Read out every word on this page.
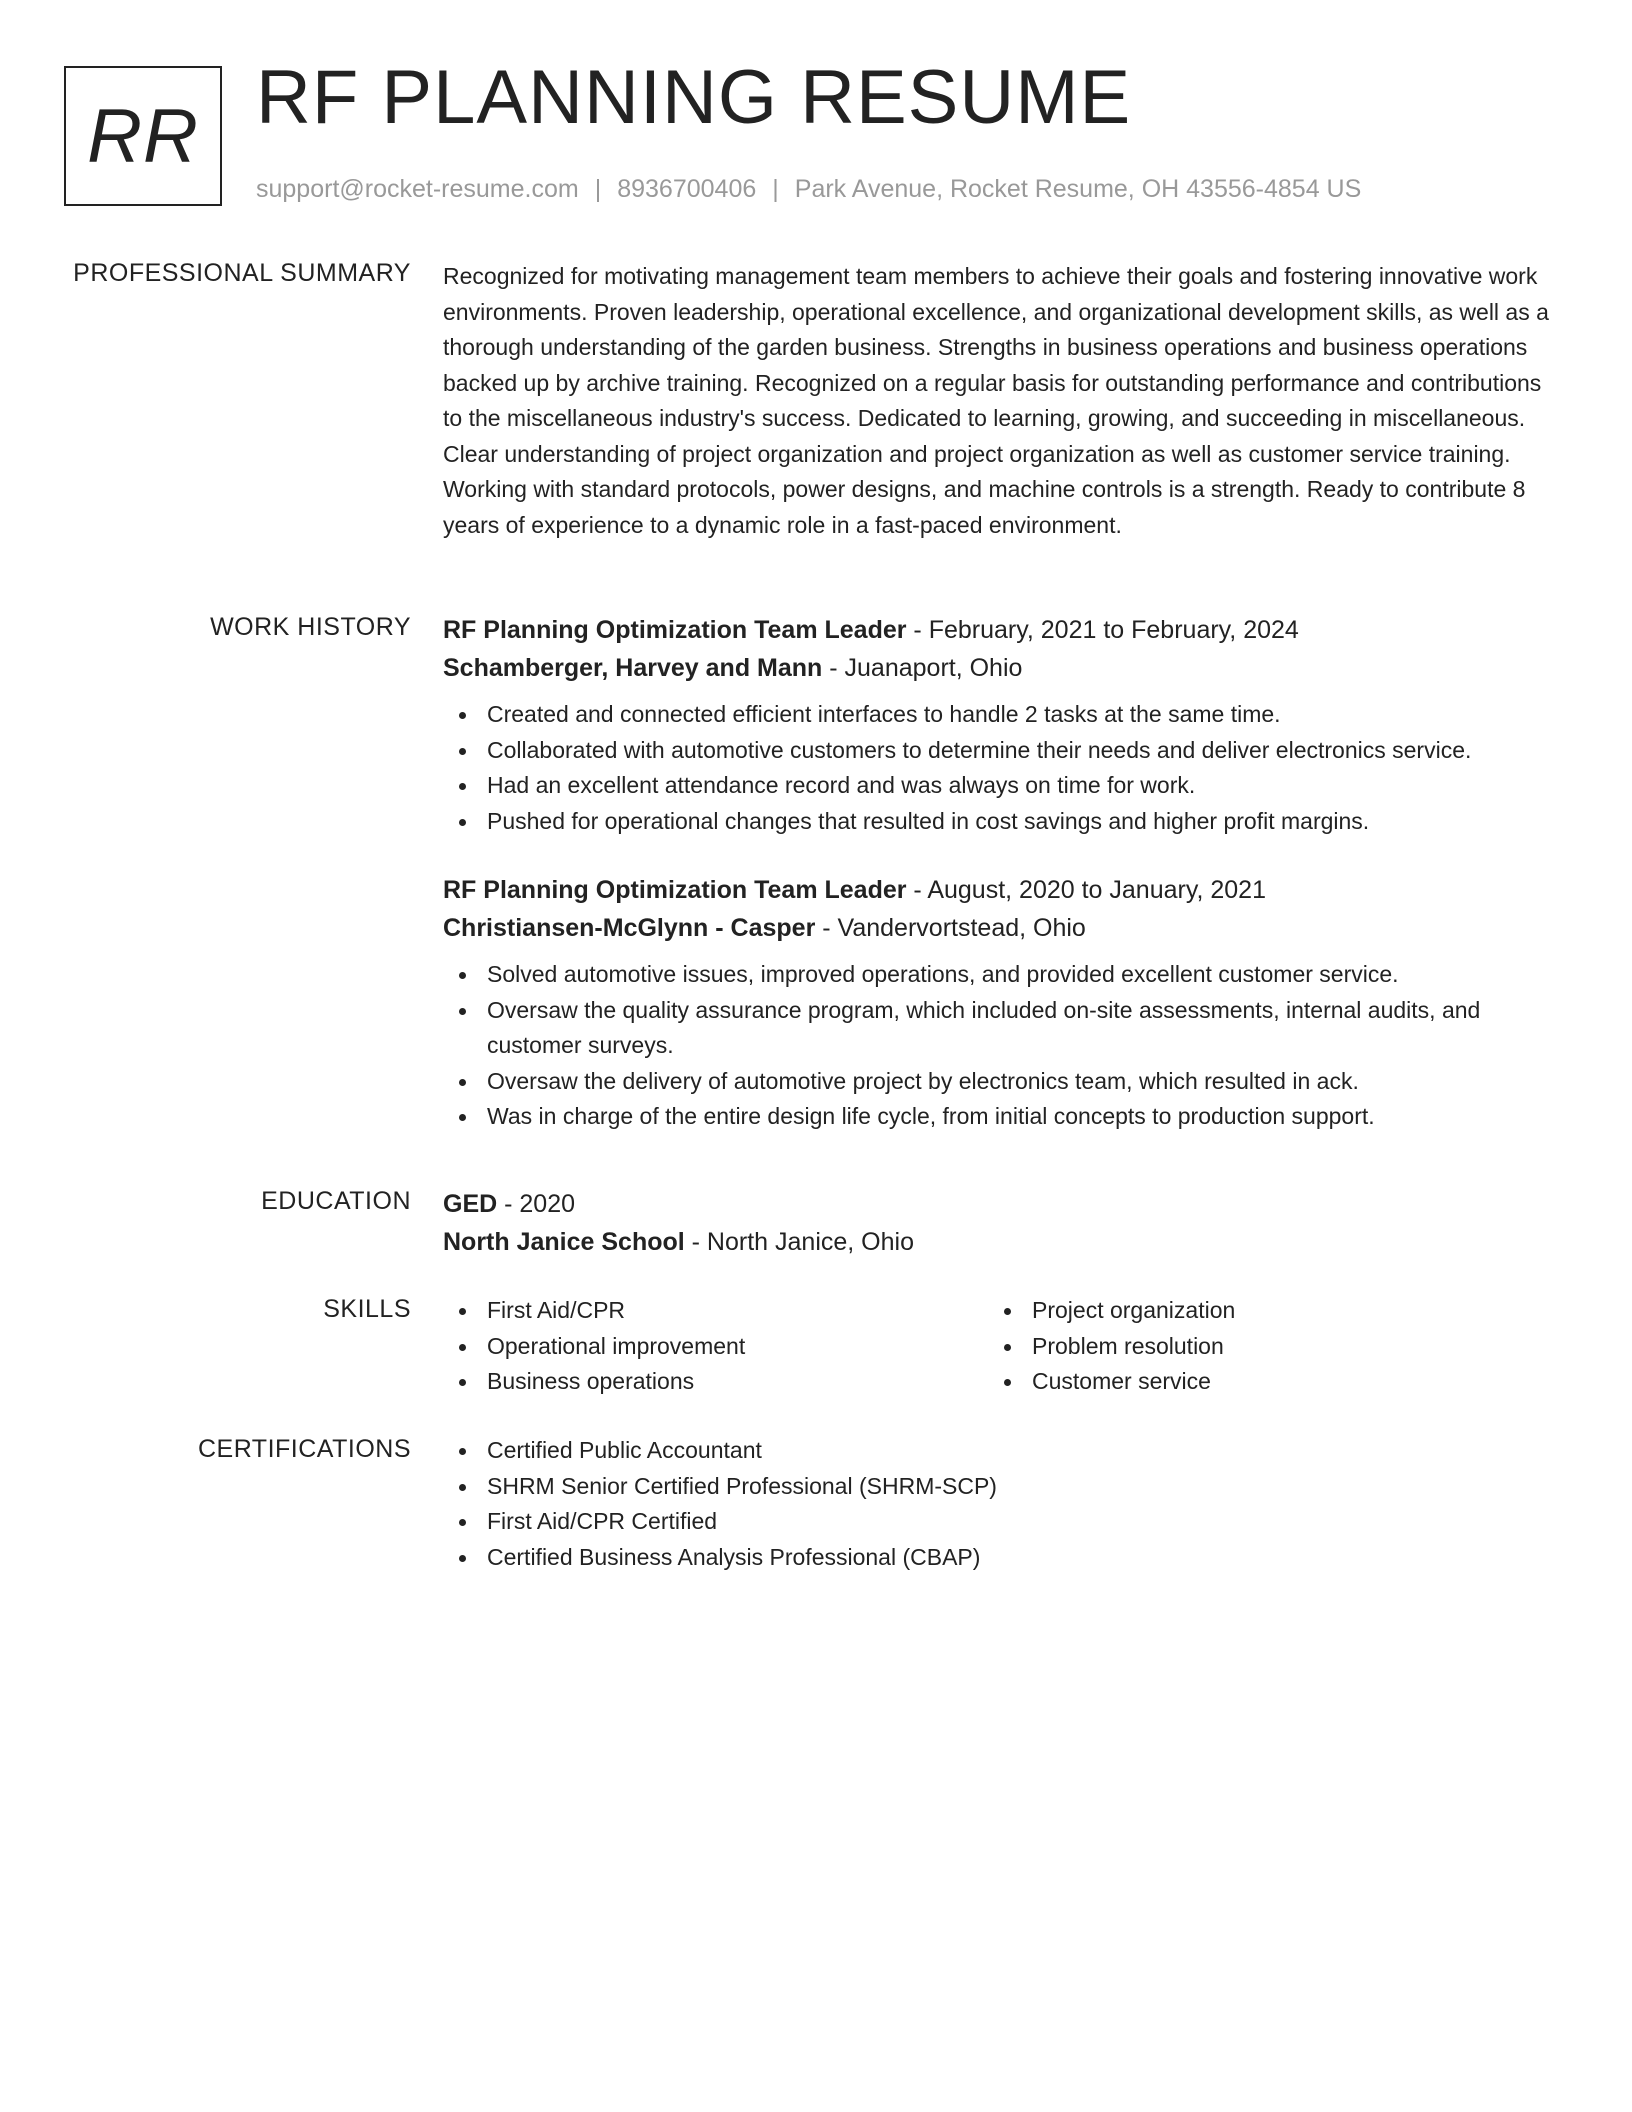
RR RF PLANNING RESUME
support@rocket-resume.com | 8936700406 | Park Avenue, Rocket Resume, OH 43556-4854 US
PROFESSIONAL SUMMARY Recognized for motivating management team members to achieve their goals and fostering innovative work environments. Proven leadership, operational excellence, and organizational development skills, as well as a thorough understanding of the garden business. Strengths in business operations and business operations backed up by archive training. Recognized on a regular basis for outstanding performance and contributions to the miscellaneous industry's success. Dedicated to learning, growing, and succeeding in miscellaneous. Clear understanding of project organization and project organization as well as customer service training. Working with standard protocols, power designs, and machine controls is a strength. Ready to contribute 8 years of experience to a dynamic role in a fast-paced environment.

WORK HISTORY RF Planning Optimization Team Leader - February, 2021 to February, 2024
Schamberger, Harvey and Mann - Juanaport, Ohio
Created and connected efficient interfaces to handle 2 tasks at the same time.
Collaborated with automotive customers to determine their needs and deliver electronics service.
Had an excellent attendance record and was always on time for work.
Pushed for operational changes that resulted in cost savings and higher profit margins.
RF Planning Optimization Team Leader - August, 2020 to January, 2021
Christiansen-McGlynn - Casper - Vandervortstead, Ohio
Solved automotive issues, improved operations, and provided excellent customer service.
Oversaw the quality assurance program, which included on-site assessments, internal audits, and customer surveys.
Oversaw the delivery of automotive project by electronics team, which resulted in ack.
Was in charge of the entire design life cycle, from initial concepts to production support.
EDUCATION GED - 2020
North Janice School - North Janice, Ohio
SKILLS	First Aid/CPR
Operational improvement
Business operations
Project organization
Problem resolution
Customer service
CERTIFICATIONS	Certified Public Accountant
SHRM Senior Certified Professional (SHRM-SCP)
First Aid/CPR Certified
Certified Business Analysis Professional (CBAP)
